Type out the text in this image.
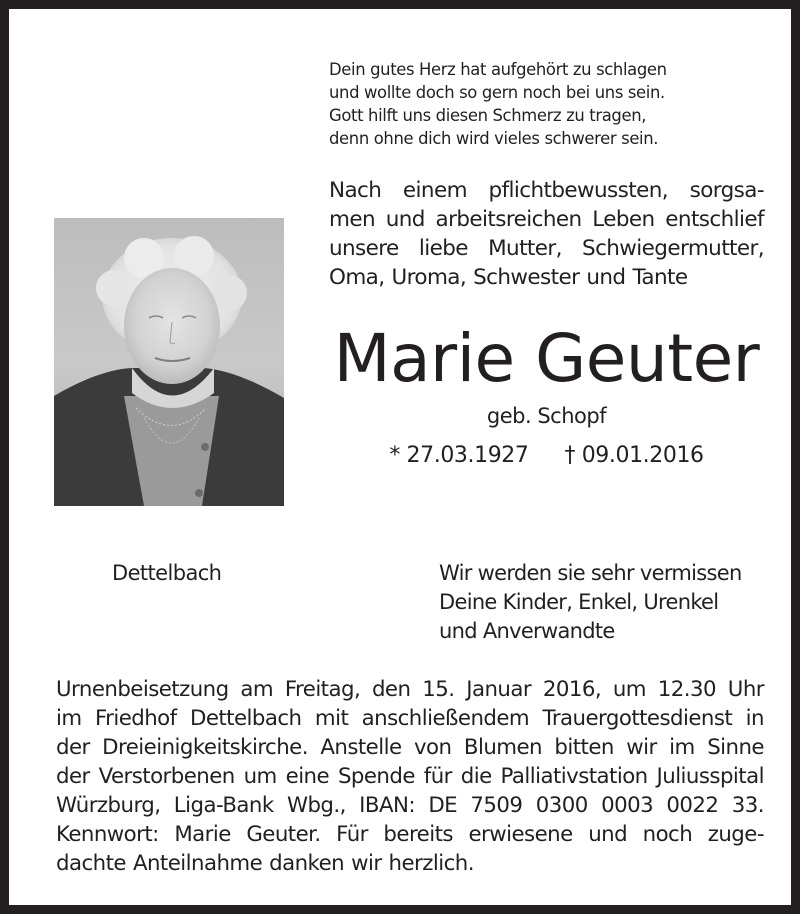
Dein gutes Herz hat aufgehört zu schlagen
und wollte doch so gern noch bei uns sein.
Gott hilft uns diesen Schmerz zu tragen,
denn ohne dich wird vieles schwerer sein.
Nach einem pflichtbewussten, sorgsa-
men und arbeitsreichen Leben entschlief
unsere liebe Mutter, Schwiegermutter,
Oma, Uroma, Schwester und Tante
Marie Geuter
geb. Schopf
* 27.03.1927 † 09.01.2016
Dettelbach	Wir werden sie sehr vermissen
Deine Kinder, Enkel, Urenkel
und Anverwandte
Urnenbeisetzung am Freitag, den 15. Januar 2016, um 12.30 Uhr
im Friedhof Dettelbach mit anschließendem Trauergottesdienst in
der Dreieinigkeitskirche. Anstelle von Blumen bitten wir im Sinne
der Verstorbenen um eine Spende für die Palliativstation Juliusspital
Würzburg, Liga-Bank Wbg., IBAN: DE 7509 0300 0003 0022 33.
Kennwort: Marie Geuter. Für bereits erwiesene und noch zuge-
dachte Anteilnahme danken wir herzlich.
